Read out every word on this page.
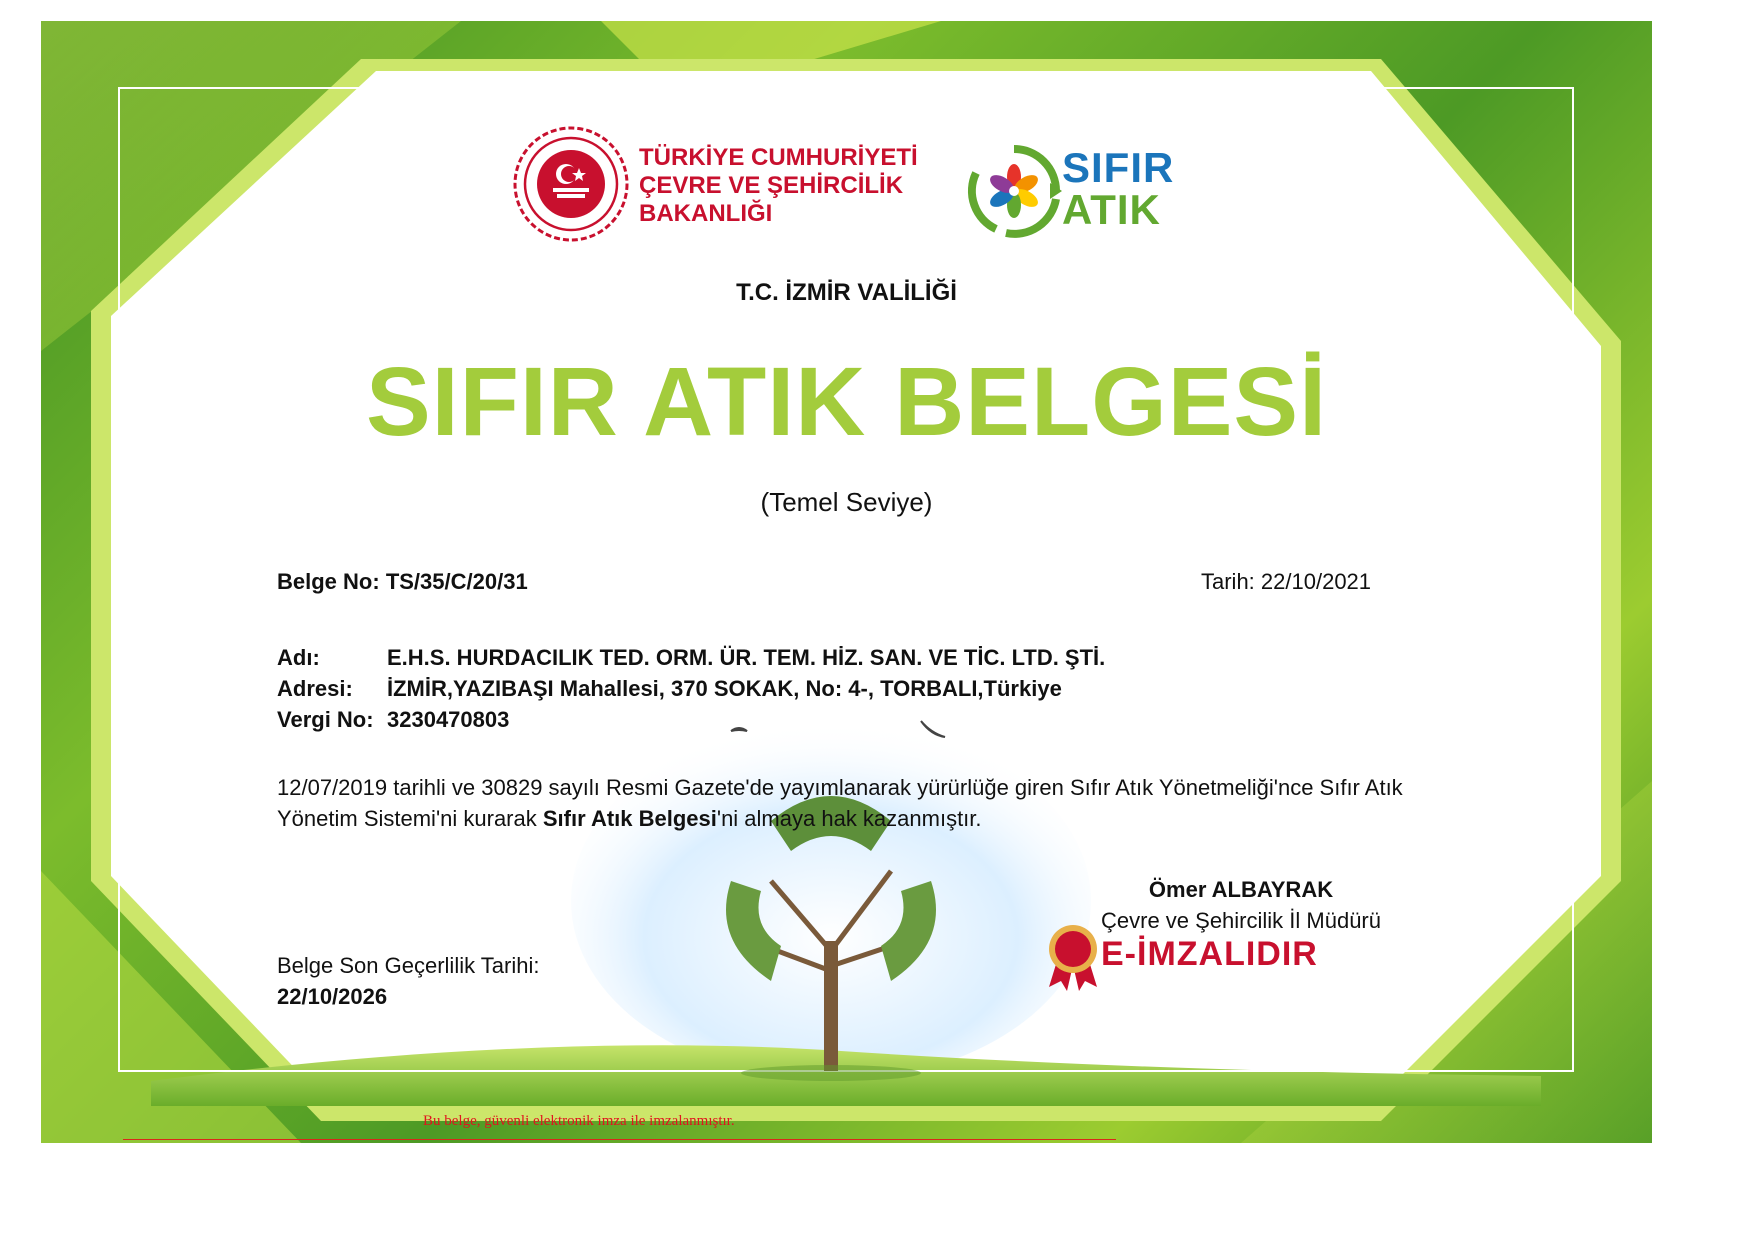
TÜRKİYE CUMHURİYETİ
ÇEVRE VE ŞEHİRCİLİK
BAKANLIĞI
SIFIR
ATIK
T.C. İZMİR VALİLİĞİ
SIFIR ATIK BELGESİ
(Temel Seviye)
Belge No: TS/35/C/20/31	Tarih: 22/10/2021
Adı:	E.H.S. HURDACILIK TED. ORM. ÜR. TEM. HİZ. SAN. VE TİC. LTD. ŞTİ.
Adresi: İZMİR,YAZIBAŞI Mahallesi, 370 SOKAK, No: 4-, TORBALI,Türkiye
Vergi No: 3230470803
12/07/2019 tarihli ve 30829 sayılı Resmi Gazete'de yayımlanarak yürürlüğe giren Sıfır Atık Yönetmeliği'nce Sıfır Atık Yönetim Sistemi'ni kurarak Sıfır Atık Belgesi'ni almaya hak kazanmıştır.
Ömer ALBAYRAK
Çevre ve Şehircilik İl Müdürü
E-İMZALIDIR
Belge Son Geçerlilik Tarihi:
22/10/2026
Bu belge, güvenli elektronik imza ile imzalanmıştır.
